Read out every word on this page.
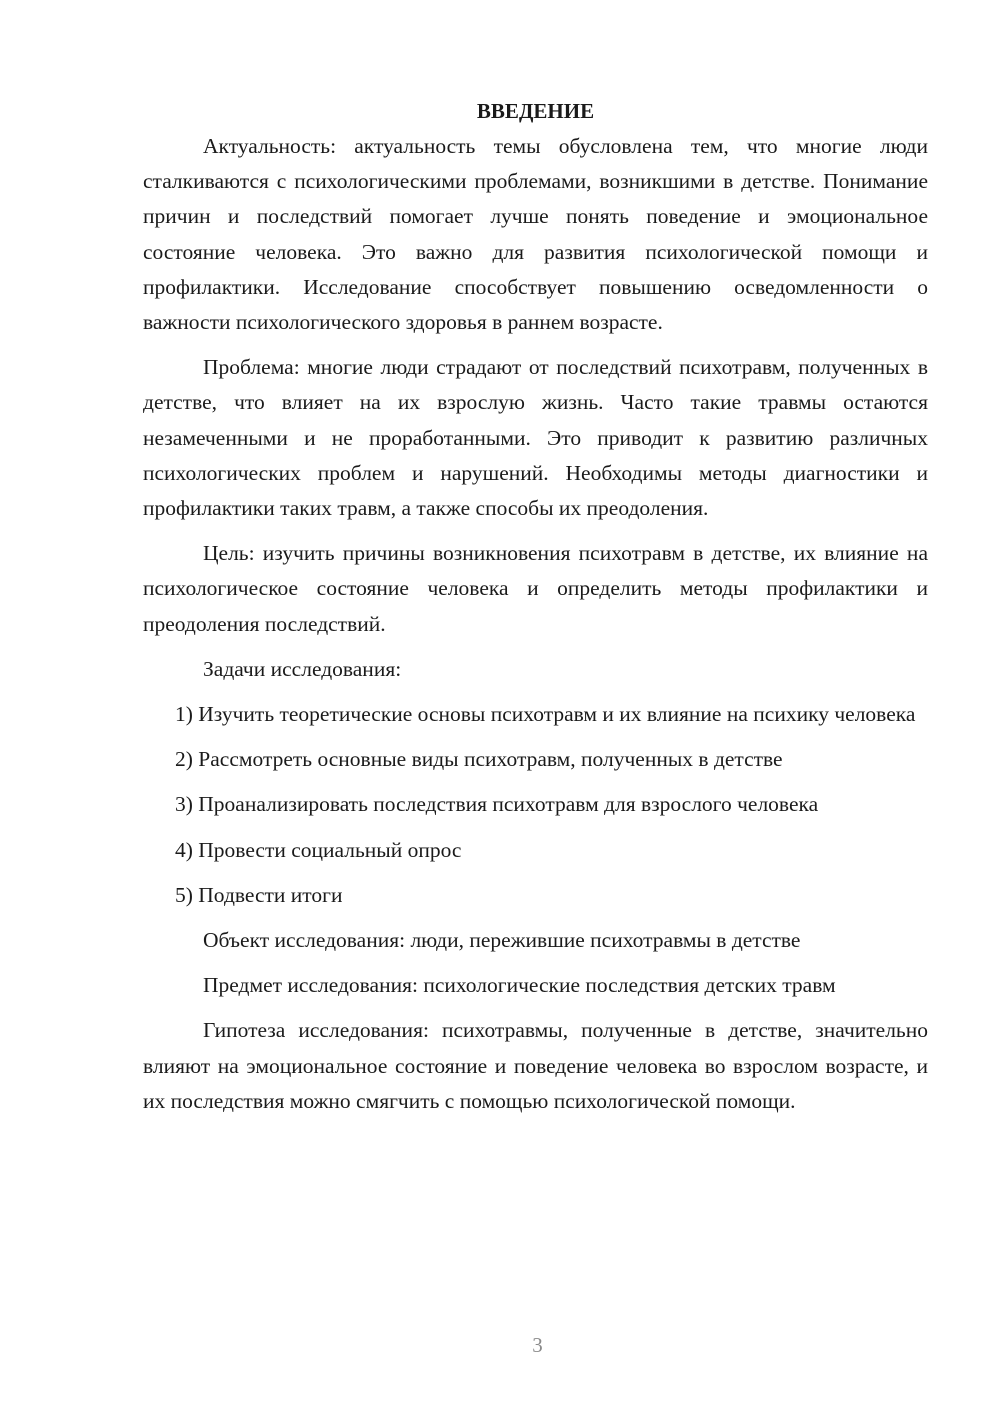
ВВЕДЕНИЕ

Актуальность: актуальность темы обусловлена тем, что многие люди сталкиваются с психологическими проблемами, возникшими в детстве. Понимание причин и последствий помогает лучше понять поведение и эмоциональное состояние человека. Это важно для развития психологической помощи и профилактики. Исследование способствует повышению осведомленности о важности психологического здоровья в раннем возрасте.

Проблема: многие люди страдают от последствий психотравм, полученных в детстве, что влияет на их взрослую жизнь. Часто такие травмы остаются незамеченными и не проработанными. Это приводит к развитию различных психологических проблем и нарушений. Необходимы методы диагностики и профилактики таких травм, а также способы их преодоления.

Цель: изучить причины возникновения психотравм в детстве, их влияние на психологическое состояние человека и определить методы профилактики и преодоления последствий.

Задачи исследования:

1) Изучить теоретические основы психотравм и их влияние на психику человека

2) Рассмотреть основные виды психотравм, полученных в детстве

3) Проанализировать последствия психотравм для взрослого человека

4) Провести социальный опрос

5) Подвести итоги

Объект исследования: люди, пережившие психотравмы в детстве

Предмет исследования: психологические последствия детских травм

Гипотеза исследования: психотравмы, полученные в детстве, значительно влияют на эмоциональное состояние и поведение человека во взрослом возрасте, и их последствия можно смягчить с помощью психологической помощи.

3
